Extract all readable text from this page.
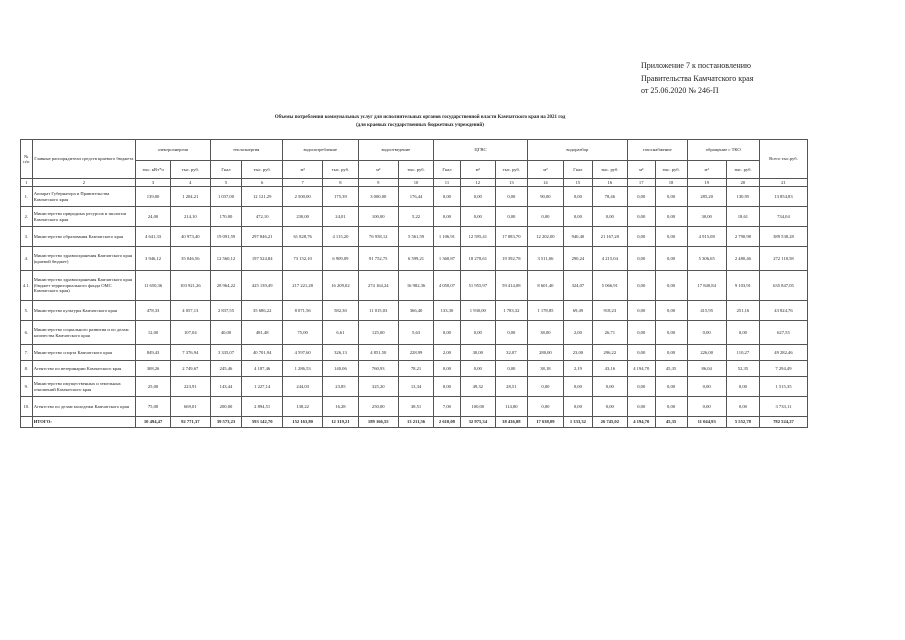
Приложение 7 к постановлению
Правительства Камчатского края
от 25.06.2020 № 246-П
Объемы потребления коммунальных услуг для исполнительных органов государственной власти Камчатского края на 2021 год
(для краевых государственных бюджетных учреждений)
№ п/п	Главные распорядители средств краевого бюджета	электроэнергия		теплоэнергия		водопотребление		водоотведение		ЦГВС			водоразбор			газоснабжение		обращение с ТКО		Всего тыс.руб.
		тыс. кВт*ч	тыс. руб.	Гкал	тыс. руб.	м³	тыс. руб.	м³	тыс. руб.	Гкал	м³	тыс. руб.	м³	Гкал	тыс. руб.	м³	тыс. руб.	м³	тыс. руб.	
1	2	3	4	5	6	7	8	9	10	11	12	13	14	15	16	17	18	19	20	21
1.	Аппарат Губернатора и Правительства Камчатского края	139,00	1 204,21	1 037,00	12 121,29	2 500,00	175,39	3 000,00	176,44	0,00	0,00	0,00	90,00	0,00	78,46	0,00	0,00	285,20	130,95	13 854,83
2.	Министерство природных ресурсов и экологии Камчатского края	24,00	214,10	170,00	472,10	230,00	24,01	100,00	5,22	0,00	0,00	0,00	0,00	0,00	0,00	0,00	0,00	30,00	18,61	734,04
3.	Министерство образования Камчатского края	4 641,33	40 973,40	19 091,59	297 846,21	61 828,76	4 115,20	76 958,12	5 561,59	1 106,91	12 595,41	17 083,70	12 202,00	940,40	21 167,20	0,00	0,00	4 915,08	2 790,98	389 538,28
4.	Министерство здравоохранения Камчатского края (краевой бюджет)	3 946,12	35 046,56	12 560,12	197 524,84	73 152,10	6 909,09	91 752,75	6 599,21	1 360,87	18 278,61	19 392,78	3 511,06	290,24	4 215,04	0,00	0,00	5 306,65	2 480,46	272 118,58
4.1.	Министерство здравоохранения Камчатского края (бюджет территориального фонда ОМС Камчатского края)	11 650,36	103 921,26	28 964,22	425 139,49	217 221,28	16 209,02	274 164,24	16 982,36	4 050,07	51 955,97	59 414,08	8 601,40	324,07	5 066,91	0,00	0,00	17 840,84	9 103,91	635 847,05
5.	Министерство культуры Камчатского края	478,33	4 057,13	2 837,55	35 686,22	8 071,56	582,30	11 015,03	366,40	133,30	1 930,00	1 783,32	1 178,85	69,49	918,23	0,00	0,00	415,95	251,16	43 824,76
6.	Министерство социального развития и по делам казачества Камчатского края	12,00	107,04	40,00	481,48	75,00	6,61	125,00	5,63	0,00	0,00	0,00	38,00	2,00	26,71	0,00	0,00	0,00	0,00	627,55
7.	Министерство спорта Камчатского края	849,43	7 376,94	3 335,07	40 701,94	4 597,60	326,13	4 851,50	228,99	2,00	30,00	32,07	280,00	23,00	296,22	0,00	0,00	226,00	110,27	49 282,46
8.	Агентство по ветеринарии Камчатского края	308,26	2 749,67	245,46	4 187,46	1 286,53	140,06	760,93	78,21	0,00	0,00	0,00	38,18	2,19	43,16	4 194,70	45,35	86,04	52,35	7 294,49
9.	Министерство имущественных и земельных отношений Камчатского края	25,00	223,91	143,44	1 227,14	244,03	23,85	325,20	13,34	0,00	49,32	28,51	0,00	0,00	0,00	0,00	0,00	0,00	0,00	1 515,35
10.	Агентство по делам молодежи Камчатского края	75,00	669,01	200,00	2 894,51	138,22	16,28	250,00	38,51	7,00	100,00	114,80	0,00	0,00	0,00	0,00	0,00	0,00	0,00	3 733,11
	ИТОГО:	10 494,47	92 771,37	39 573,23	593 142,70	152 163,80	12 319,21	189 166,55	13 211,56	2 610,08	32 975,34	38 436,08	17 638,09	1 333,32	26 745,02	4 194,70	45,35	11 044,93	5 552,78	782 524,27
